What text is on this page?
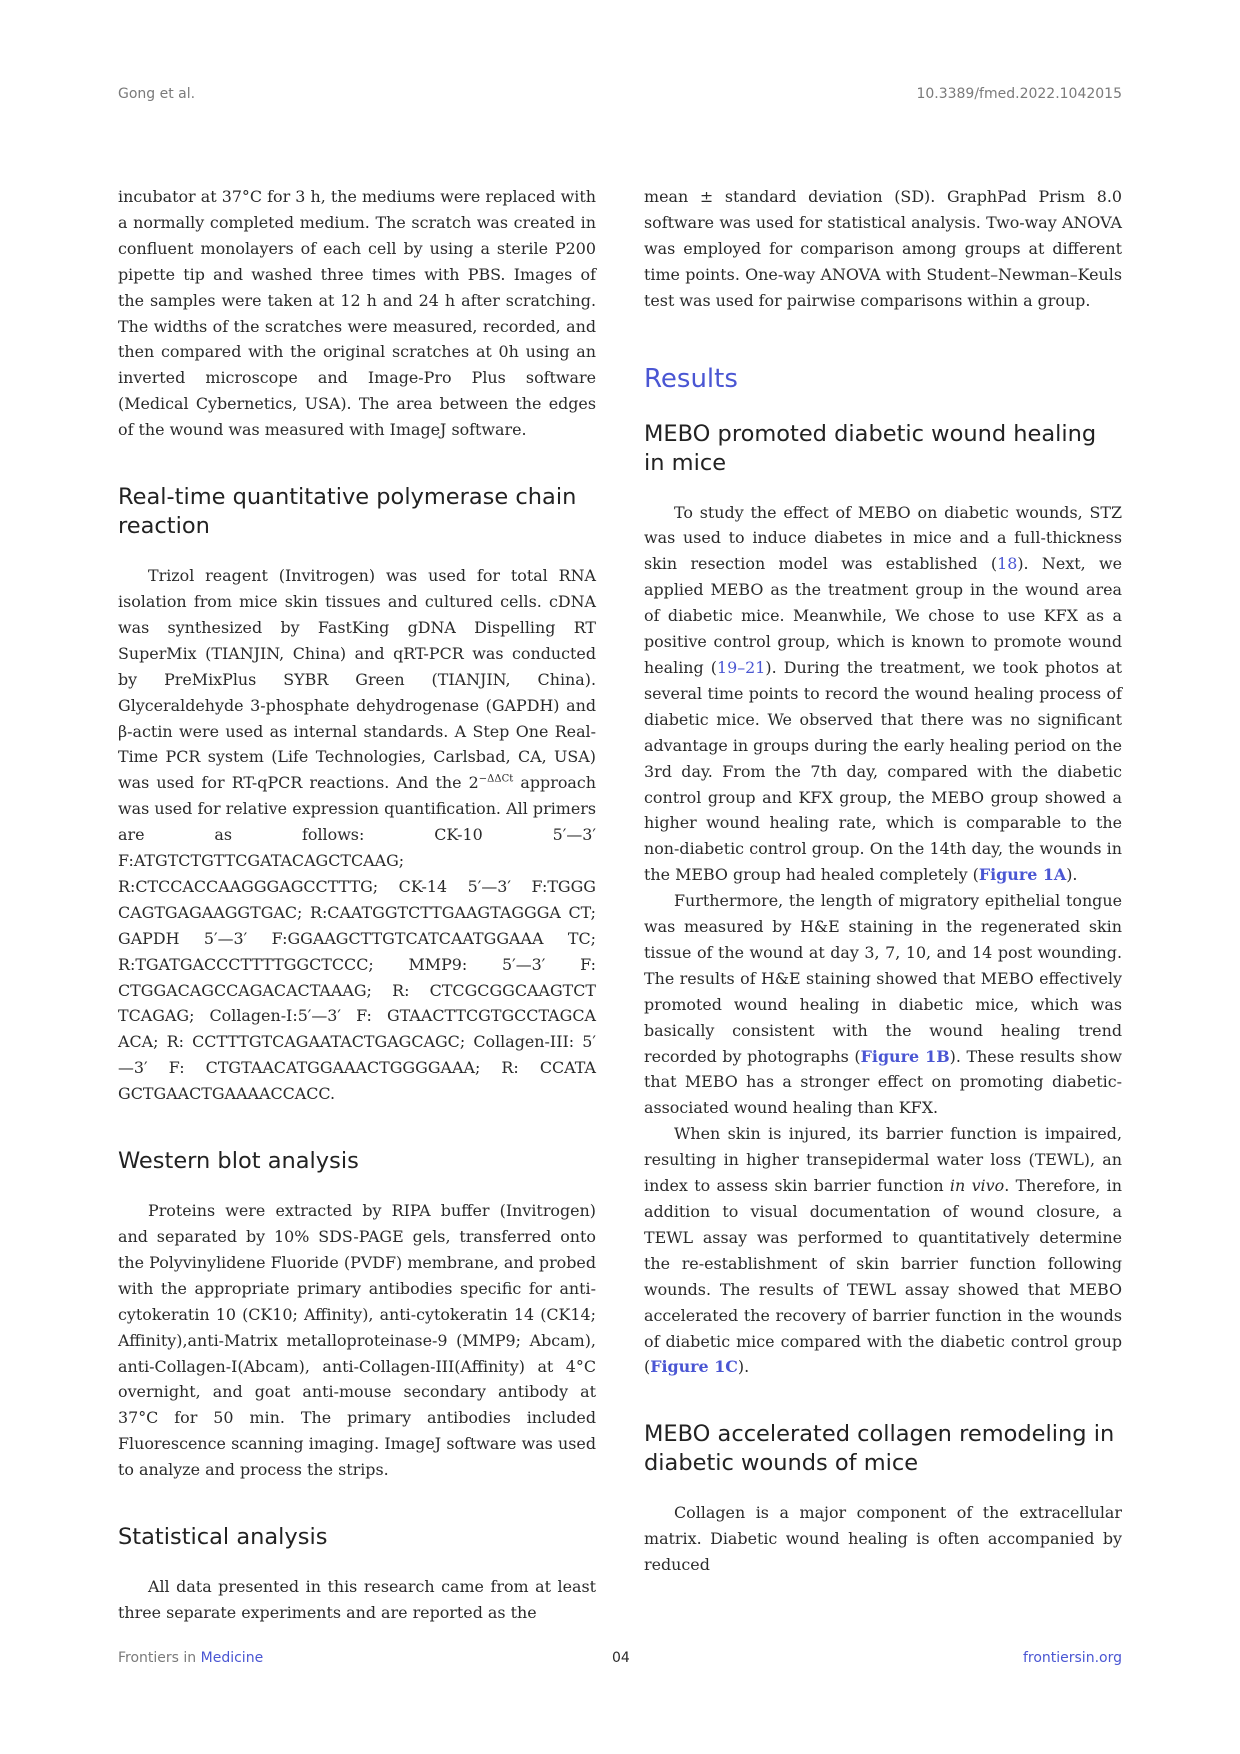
Gong et al.	10.3389/fmed.2022.1042015

incubator at 37°C for 3 h, the mediums were replaced with a normally completed medium. The scratch was created in confluent monolayers of each cell by using a sterile P200 pipette tip and washed three times with PBS. Images of the samples were taken at 12 h and 24 h after scratching. The widths of the scratches were measured, recorded, and then compared with the original scratches at 0h using an inverted microscope and Image-Pro Plus software (Medical Cybernetics, USA). The area between the edges of the wound was measured with ImageJ software.

Real-time quantitative polymerase chain reaction

Trizol reagent (Invitrogen) was used for total RNA isolation from mice skin tissues and cultured cells. cDNA was synthesized by FastKing gDNA Dispelling RT SuperMix (TIANJIN, China) and qRT-PCR was conducted by PreMixPlus SYBR Green (TIANJIN, China). Glyceraldehyde 3-phosphate dehydrogenase (GAPDH) and β-actin were used as internal standards. A Step One Real-Time PCR system (Life Technologies, Carlsbad, CA, USA) was used for RT-qPCR reactions. And the $2^{-\Delta\Delta Ct}$ approach was used for relative expression quantification. All primers are as follows: CK-10 5′—3′ F:ATGTCTGTTCGATACAGCTCAAG; R:CTCCACCAAGGGAGCCTTTG; CK-14 5′—3′ F:TGGG CAGTGAGAAGGTGAC; R:CAATGGTCTTGAAGTAGGGA CT; GAPDH 5′—3′ F:GGAAGCTTGTCATCAATGGAAA TC; R:TGATGACCCTTTTGGCTCCC; MMP9: 5′—3′ F: CTGGACAGCCAGACACTAAAG; R: CTCGCGGCAAGTCT TCAGAG; Collagen-I:5′—3′ F: GTAACTTCGTGCCTAGCA ACA; R: CCTTTGTCAGAATACTGAGCAGC; Collagen-III: 5′—3′ F: CTGTAACATGGAAACTGGGGAAA; R: CCATA GCTGAACTGAAAACCACC.

Western blot analysis

Proteins were extracted by RIPA buffer (Invitrogen) and separated by 10% SDS-PAGE gels, transferred onto the Polyvinylidene Fluoride (PVDF) membrane, and probed with the appropriate primary antibodies specific for anti-cytokeratin 10 (CK10; Affinity), anti-cytokeratin 14 (CK14; Affinity),anti-Matrix metalloproteinase-9 (MMP9; Abcam), anti-Collagen-I(Abcam), anti-Collagen-III(Affinity) at 4°C overnight, and goat anti-mouse secondary antibody at 37°C for 50 min. The primary antibodies included Fluorescence scanning imaging. ImageJ software was used to analyze and process the strips.

Statistical analysis

All data presented in this research came from at least three separate experiments and are reported as the

mean ± standard deviation (SD). GraphPad Prism 8.0 software was used for statistical analysis. Two-way ANOVA was employed for comparison among groups at different time points. One-way ANOVA with Student–Newman–Keuls test was used for pairwise comparisons within a group.

Results
MEBO promoted diabetic wound healing in mice

To study the effect of MEBO on diabetic wounds, STZ was used to induce diabetes in mice and a full-thickness skin resection model was established (18). Next, we applied MEBO as the treatment group in the wound area of diabetic mice. Meanwhile, We chose to use KFX as a positive control group, which is known to promote wound healing (19–21). During the treatment, we took photos at several time points to record the wound healing process of diabetic mice. We observed that there was no significant advantage in groups during the early healing period on the 3rd day. From the 7th day, compared with the diabetic control group and KFX group, the MEBO group showed a higher wound healing rate, which is comparable to the non-diabetic control group. On the 14th day, the wounds in the MEBO group had healed completely (Figure 1A).

Furthermore, the length of migratory epithelial tongue was measured by H&E staining in the regenerated skin tissue of the wound at day 3, 7, 10, and 14 post wounding. The results of H&E staining showed that MEBO effectively promoted wound healing in diabetic mice, which was basically consistent with the wound healing trend recorded by photographs (Figure 1B). These results show that MEBO has a stronger effect on promoting diabetic-associated wound healing than KFX.

When skin is injured, its barrier function is impaired, resulting in higher transepidermal water loss (TEWL), an index to assess skin barrier function in vivo. Therefore, in addition to visual documentation of wound closure, a TEWL assay was performed to quantitatively determine the re-establishment of skin barrier function following wounds. The results of TEWL assay showed that MEBO accelerated the recovery of barrier function in the wounds of diabetic mice compared with the diabetic control group (Figure 1C).

MEBO accelerated collagen remodeling in diabetic wounds of mice

Collagen is a major component of the extracellular matrix. Diabetic wound healing is often accompanied by reduced

Frontiers in Medicine	04	frontiersin.org
